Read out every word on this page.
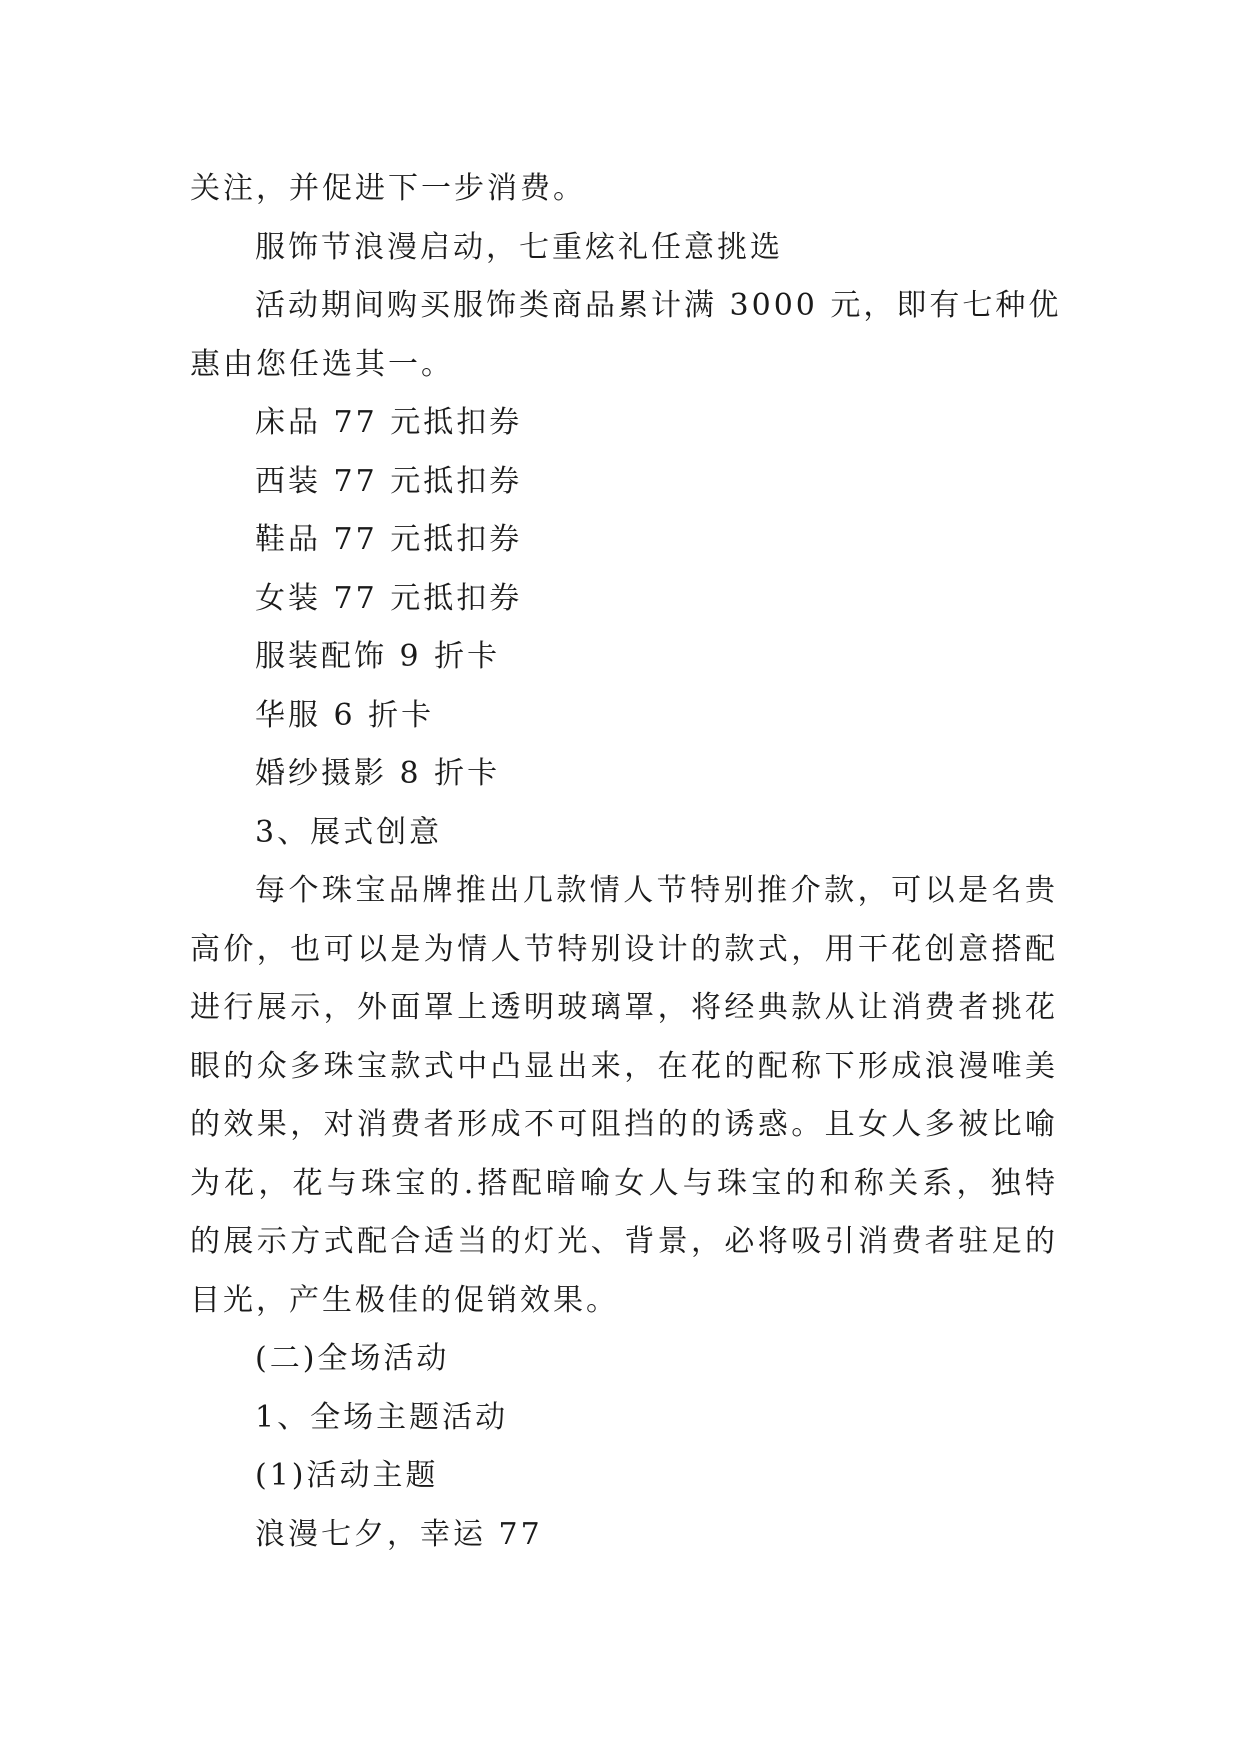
关注，并促进下一步消费。
服饰节浪漫启动，七重炫礼任意挑选
活动期间购买服饰类商品累计满 3000 元，即有七种优
惠由您任选其一。
床品 77 元抵扣券
西装 77 元抵扣券
鞋品 77 元抵扣券
女装 77 元抵扣券
服装配饰 9 折卡
华服 6 折卡
婚纱摄影 8 折卡
3、展式创意
每个珠宝品牌推出几款情人节特别推介款，可以是名贵
高价，也可以是为情人节特别设计的款式，用干花创意搭配
进行展示，外面罩上透明玻璃罩，将经典款从让消费者挑花
眼的众多珠宝款式中凸显出来，在花的配称下形成浪漫唯美
的效果，对消费者形成不可阻挡的的诱惑。且女人多被比喻
为花，花与珠宝的.搭配暗喻女人与珠宝的和称关系，独特
的展示方式配合适当的灯光、背景，必将吸引消费者驻足的
目光，产生极佳的促销效果。
(二)全场活动
1、全场主题活动
(1)活动主题
浪漫七夕，幸运 77
